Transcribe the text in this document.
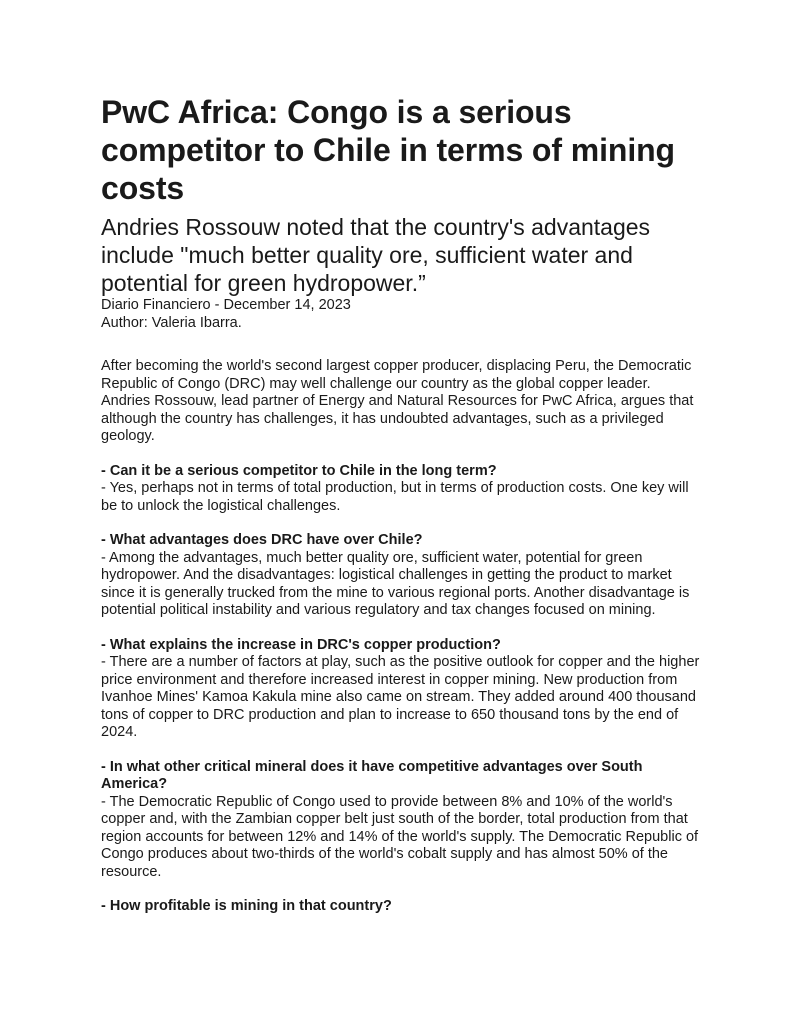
PwC Africa: Congo is a serious competitor to Chile in terms of mining costs

Andries Rossouw noted that the country's advantages include "much better quality ore, sufficient water and potential for green hydropower.”

Diario Financiero - December 14, 2023

Author: Valeria Ibarra.

After becoming the world's second largest copper producer, displacing Peru, the Democratic Republic of Congo (DRC) may well challenge our country as the global copper leader. Andries Rossouw, lead partner of Energy and Natural Resources for PwC Africa, argues that although the country has challenges, it has undoubted advantages, such as a privileged geology.

- Can it be a serious competitor to Chile in the long term?

- Yes, perhaps not in terms of total production, but in terms of production costs. One key will be to unlock the logistical challenges.

- What advantages does DRC have over Chile?

- Among the advantages, much better quality ore, sufficient water, potential for green hydropower. And the disadvantages: logistical challenges in getting the product to market since it is generally trucked from the mine to various regional ports. Another disadvantage is potential political instability and various regulatory and tax changes focused on mining.

- What explains the increase in DRC's copper production?

- There are a number of factors at play, such as the positive outlook for copper and the higher price environment and therefore increased interest in copper mining. New production from Ivanhoe Mines' Kamoa Kakula mine also came on stream. They added around 400 thousand tons of copper to DRC production and plan to increase to 650 thousand tons by the end of 2024.

- In what other critical mineral does it have competitive advantages over South America?

- The Democratic Republic of Congo used to provide between 8% and 10% of the world's copper and, with the Zambian copper belt just south of the border, total production from that region accounts for between 12% and 14% of the world's supply. The Democratic Republic of Congo produces about two-thirds of the world's cobalt supply and has almost 50% of the resource.

- How profitable is mining in that country?
